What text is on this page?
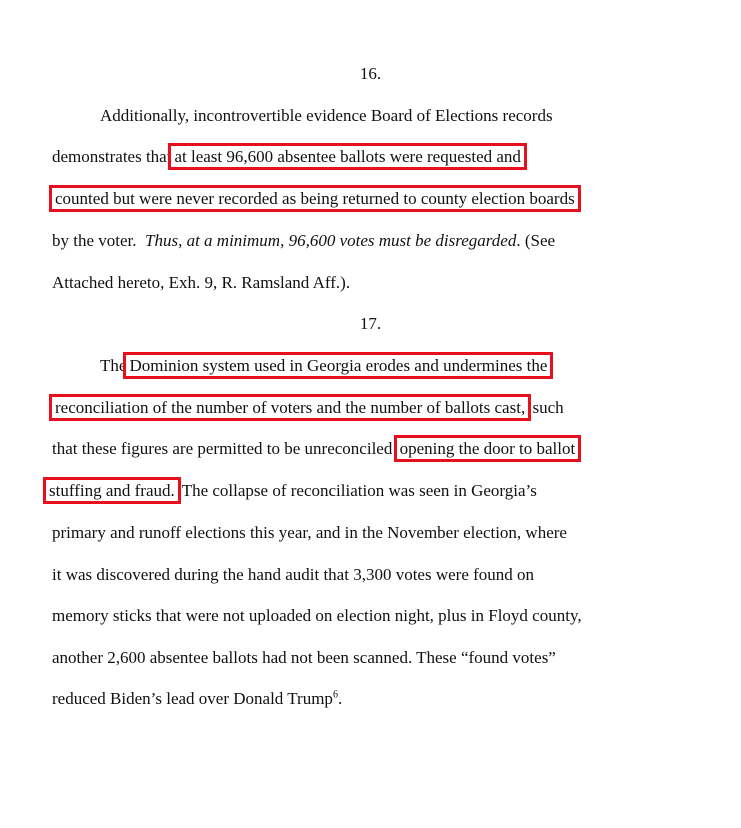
16.
Additionally, incontrovertible evidence Board of Elections records
demonstrates that at least 96,600 absentee ballots were requested and
counted but were never recorded as being returned to county election boards
by the voter. Thus, at a minimum, 96,600 votes must be disregarded. (See
Attached hereto, Exh. 9, R. Ramsland Aff.).
17.
The Dominion system used in Georgia erodes and undermines the
reconciliation of the number of voters and the number of ballots cast, such
that these figures are permitted to be unreconciled opening the door to ballot
stuffing and fraud. The collapse of reconciliation was seen in Georgia’s
primary and runoff elections this year, and in the November election, where
it was discovered during the hand audit that 3,300 votes were found on
memory sticks that were not uploaded on election night, plus in Floyd county,
another 2,600 absentee ballots had not been scanned. These “found votes”
reduced Biden’s lead over Donald Trump$^6$.
